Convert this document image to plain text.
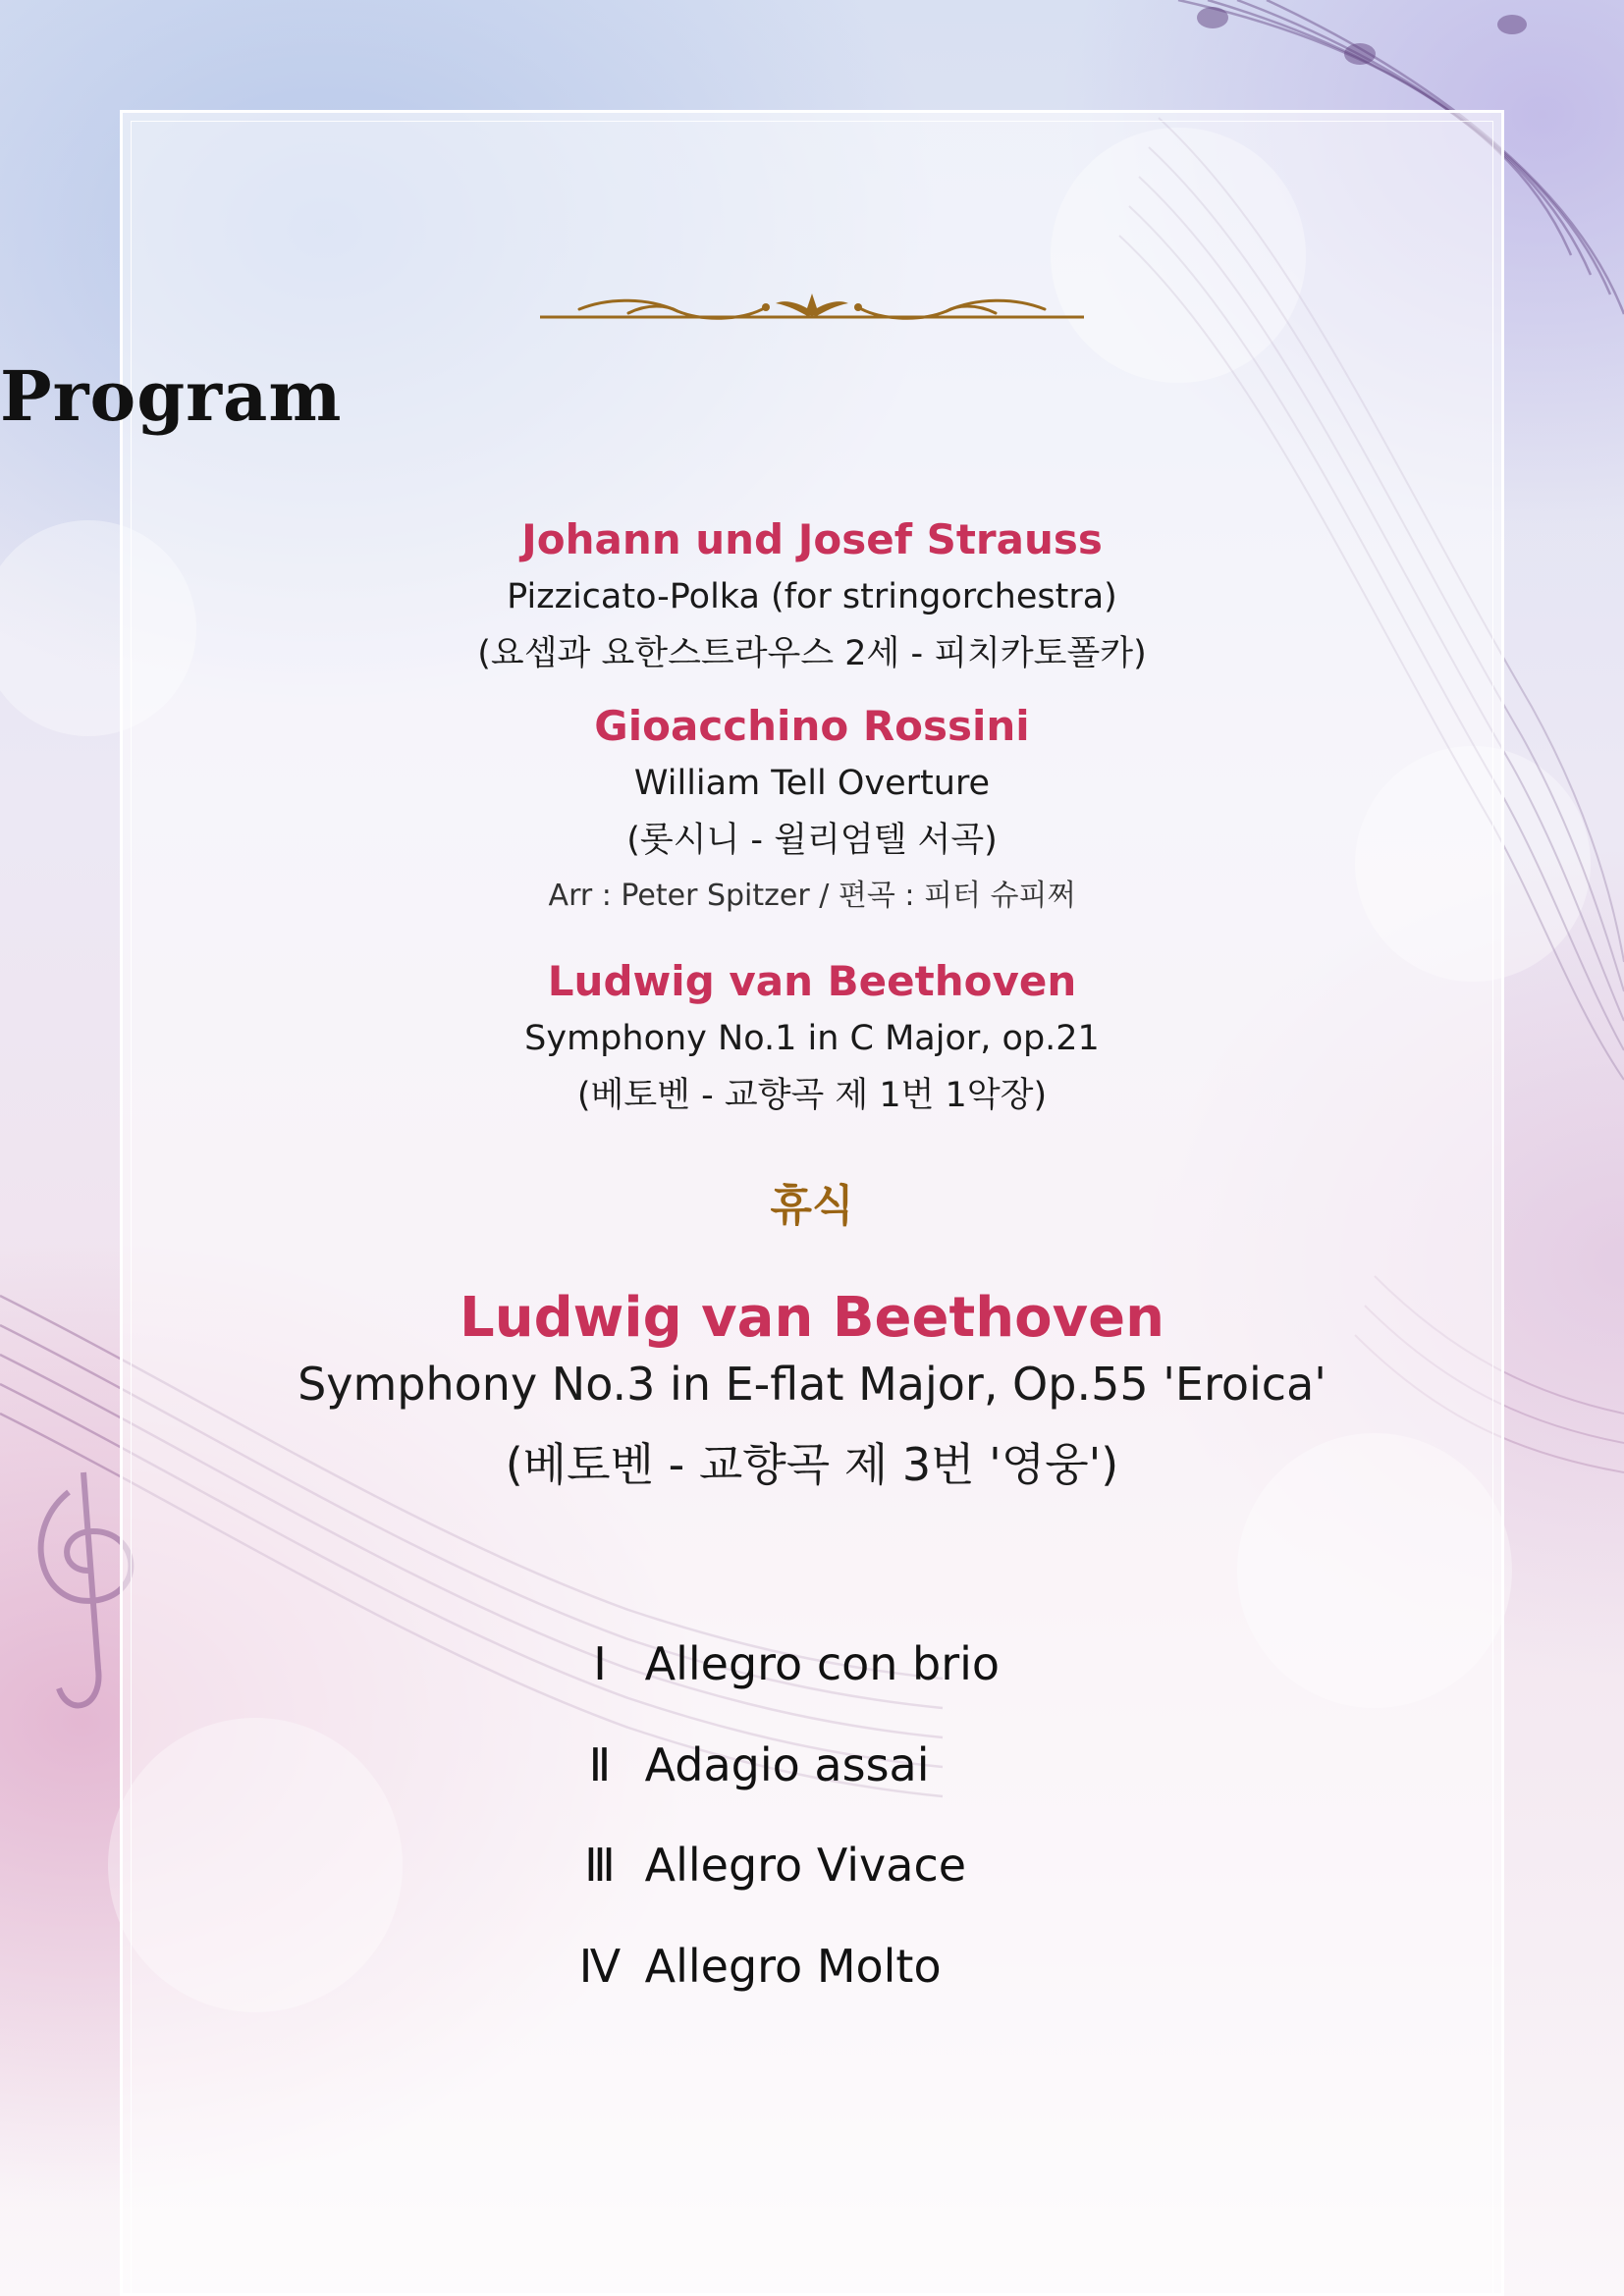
Program
Johann und Josef Strauss
Pizzicato-Polka (for stringorchestra)
(요셉과 요한스트라우스 2세 - 피치카토폴카)
Gioacchino Rossini
William Tell Overture
(롯시니 - 윌리엄텔 서곡)
Arr : Peter Spitzer / 편곡 : 피터 슈피쩌
Ludwig van Beethoven
Symphony No.1 in C Major, op.21
(베토벤 - 교향곡 제 1번 1악장)
휴식
Ludwig van Beethoven
Symphony No.3 in E-flat Major, Op.55 'Eroica'
(베토벤 - 교향곡 제 3번 '영웅')
Ⅰ Allegro con brio
Ⅱ Adagio assai
Ⅲ Allegro Vivace
Ⅳ Allegro Molto
